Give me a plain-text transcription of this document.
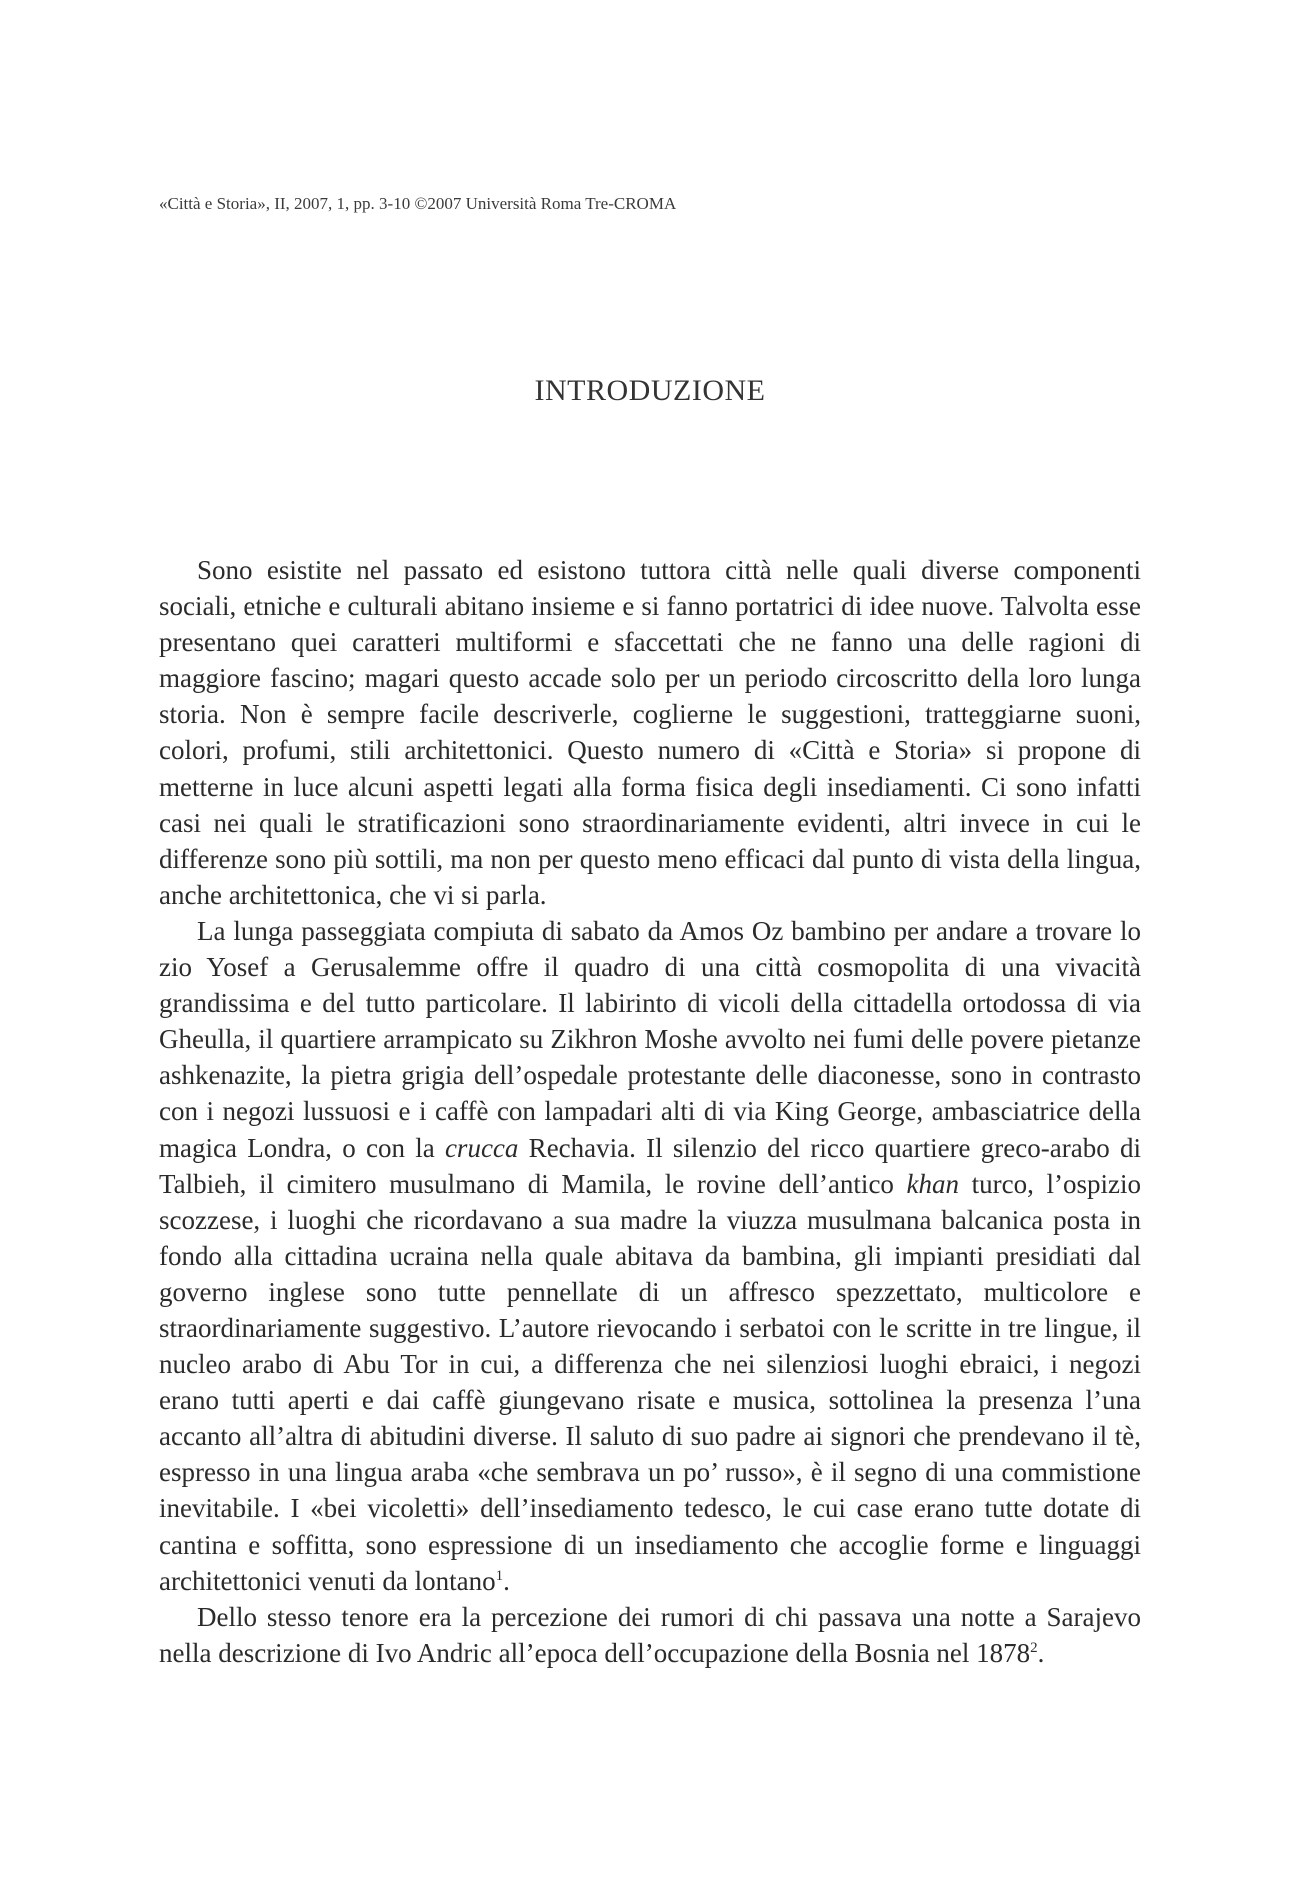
«Città e Storia», II, 2007, 1, pp. 3-10 ©2007 Università Roma Tre-CROMA
INTRODUZIONE

Sono esistite nel passato ed esistono tuttora città nelle quali diverse componenti sociali, etniche e culturali abitano insieme e si fanno portatrici di idee nuove. Talvolta esse presentano quei caratteri multiformi e sfaccettati che ne fanno una delle ragioni di maggiore fascino; magari questo accade solo per un periodo circoscritto della loro lunga storia. Non è sempre facile descriverle, coglierne le suggestioni, tratteggiarne suoni, colori, profumi, stili architettonici. Questo numero di «Città e Storia» si propone di metterne in luce alcuni aspetti legati alla forma fisica degli insediamenti. Ci sono infatti casi nei quali le stratificazioni sono straordinariamente evidenti, altri invece in cui le differenze sono più sottili, ma non per questo meno efficaci dal punto di vista della lingua, anche architettonica, che vi si parla.

La lunga passeggiata compiuta di sabato da Amos Oz bambino per andare a trovare lo zio Yosef a Gerusalemme offre il quadro di una città cosmopolita di una vivacità grandissima e del tutto particolare. Il labirinto di vicoli della cittadella ortodossa di via Gheulla, il quartiere arrampicato su Zikhron Moshe avvolto nei fumi delle povere pietanze ashkenazite, la pietra grigia dell’ospedale protestante delle diaconesse, sono in contrasto con i negozi lussuosi e i caffè con lampadari alti di via King George, ambasciatrice della magica Londra, o con la crucca Rechavia. Il silenzio del ricco quartiere greco-arabo di Talbieh, il cimitero musulmano di Mamila, le rovine dell’antico khan turco, l’ospizio scozzese, i luoghi che ricordavano a sua madre la viuzza musulmana balcanica posta in fondo alla cittadina ucraina nella quale abitava da bambina, gli impianti presidiati dal governo inglese sono tutte pennellate di un affresco spezzettato, multicolore e straordinariamente suggestivo. L’autore rievocando i serbatoi con le scritte in tre lingue, il nucleo arabo di Abu Tor in cui, a differenza che nei silenziosi luoghi ebraici, i negozi erano tutti aperti e dai caffè giungevano risate e musica, sottolinea la presenza l’una accanto all’altra di abitudini diverse. Il saluto di suo padre ai signori che prendevano il tè, espresso in una lingua araba «che sembrava un po’ russo», è il segno di una commistione inevitabile. I «bei vicoletti» dell’insediamento tedesco, le cui case erano tutte dotate di cantina e soffitta, sono espressione di un insediamento che accoglie forme e linguaggi architettonici venuti da lontano$^1$.

Dello stesso tenore era la percezione dei rumori di chi passava una notte a Sarajevo nella descrizione di Ivo Andric all’epoca dell’occupazione della Bosnia nel 1878$^2$.
